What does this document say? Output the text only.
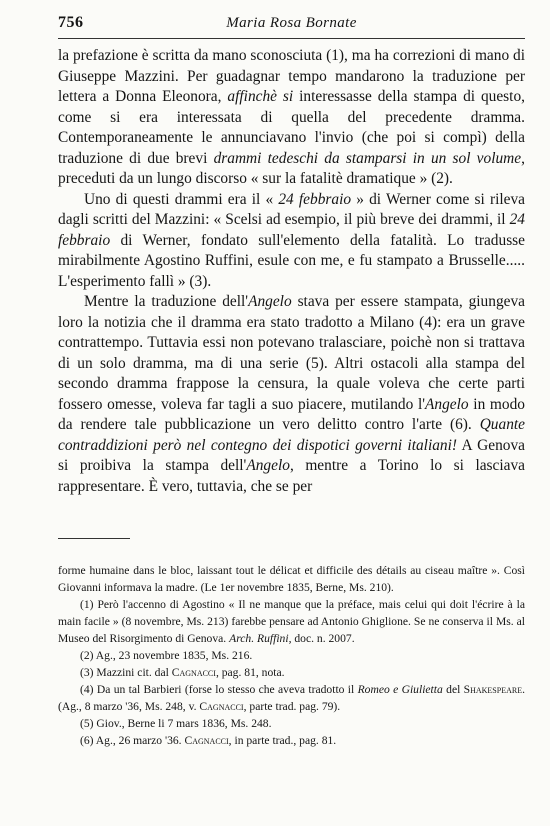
756	Maria Rosa Bornate

la prefazione è scritta da mano sconosciuta (1), ma ha correzioni di mano di Giuseppe Mazzini. Per guadagnar tempo mandarono la traduzione per lettera a Donna Eleonora, affinchè si interessasse della stampa di questo, come si era interessata di quella del precedente dramma. Contemporaneamente le annunciavano l'invio (che poi si compì) della traduzione di due brevi drammi tedeschi da stamparsi in un sol volume, preceduti da un lungo discorso « sur la fatalitè dramatique » (2).

Uno di questi drammi era il « 24 febbraio » di Werner come si rileva dagli scritti del Mazzini: « Scelsi ad esempio, il più breve dei drammi, il 24 febbraio di Werner, fondato sull'elemento della fatalità. Lo tradusse mirabilmente Agostino Ruffini, esule con me, e fu stampato a Brusselle..... L'esperimento fallì » (3).

Mentre la traduzione dell'Angelo stava per essere stampata, giungeva loro la notizia che il dramma era stato tradotto a Milano (4): era un grave contrattempo. Tuttavia essi non potevano tralasciare, poichè non si trattava di un solo dramma, ma di una serie (5). Altri ostacoli alla stampa del secondo dramma frappose la censura, la quale voleva che certe parti fossero omesse, voleva far tagli a suo piacere, mutilando l'Angelo in modo da rendere tale pubblicazione un vero delitto contro l'arte (6). Quante contraddizioni però nel contegno dei dispotici governi italiani! A Genova si proibiva la stampa dell'Angelo, mentre a Torino lo si lasciava rappresentare. È vero, tuttavia, che se per

forme humaine dans le bloc, laissant tout le délicat et difficile des détails au ciseau maître ». Così Giovanni informava la madre. (Le 1er novembre 1835, Berne, Ms. 210).

(1) Però l'accenno di Agostino « Il ne manque que la préface, mais celui qui doit l'écrire à la main facile » (8 novembre, Ms. 213) farebbe pensare ad Antonio Ghiglione. Se ne conserva il Ms. al Museo del Risorgimento di Genova. Arch. Ruffini, doc. n. 2007.

(2) Ag., 23 novembre 1835, Ms. 216.

(3) Mazzini cit. dal Cagnacci, pag. 81, nota.

(4) Da un tal Barbieri (forse lo stesso che aveva tradotto il Romeo e Giulietta del Shakespeare. (Ag., 8 marzo '36, Ms. 248, v. Cagnacci, parte trad. pag. 79).

(5) Giov., Berne li 7 mars 1836, Ms. 248.

(6) Ag., 26 marzo '36. Cagnacci, in parte trad., pag. 81.
